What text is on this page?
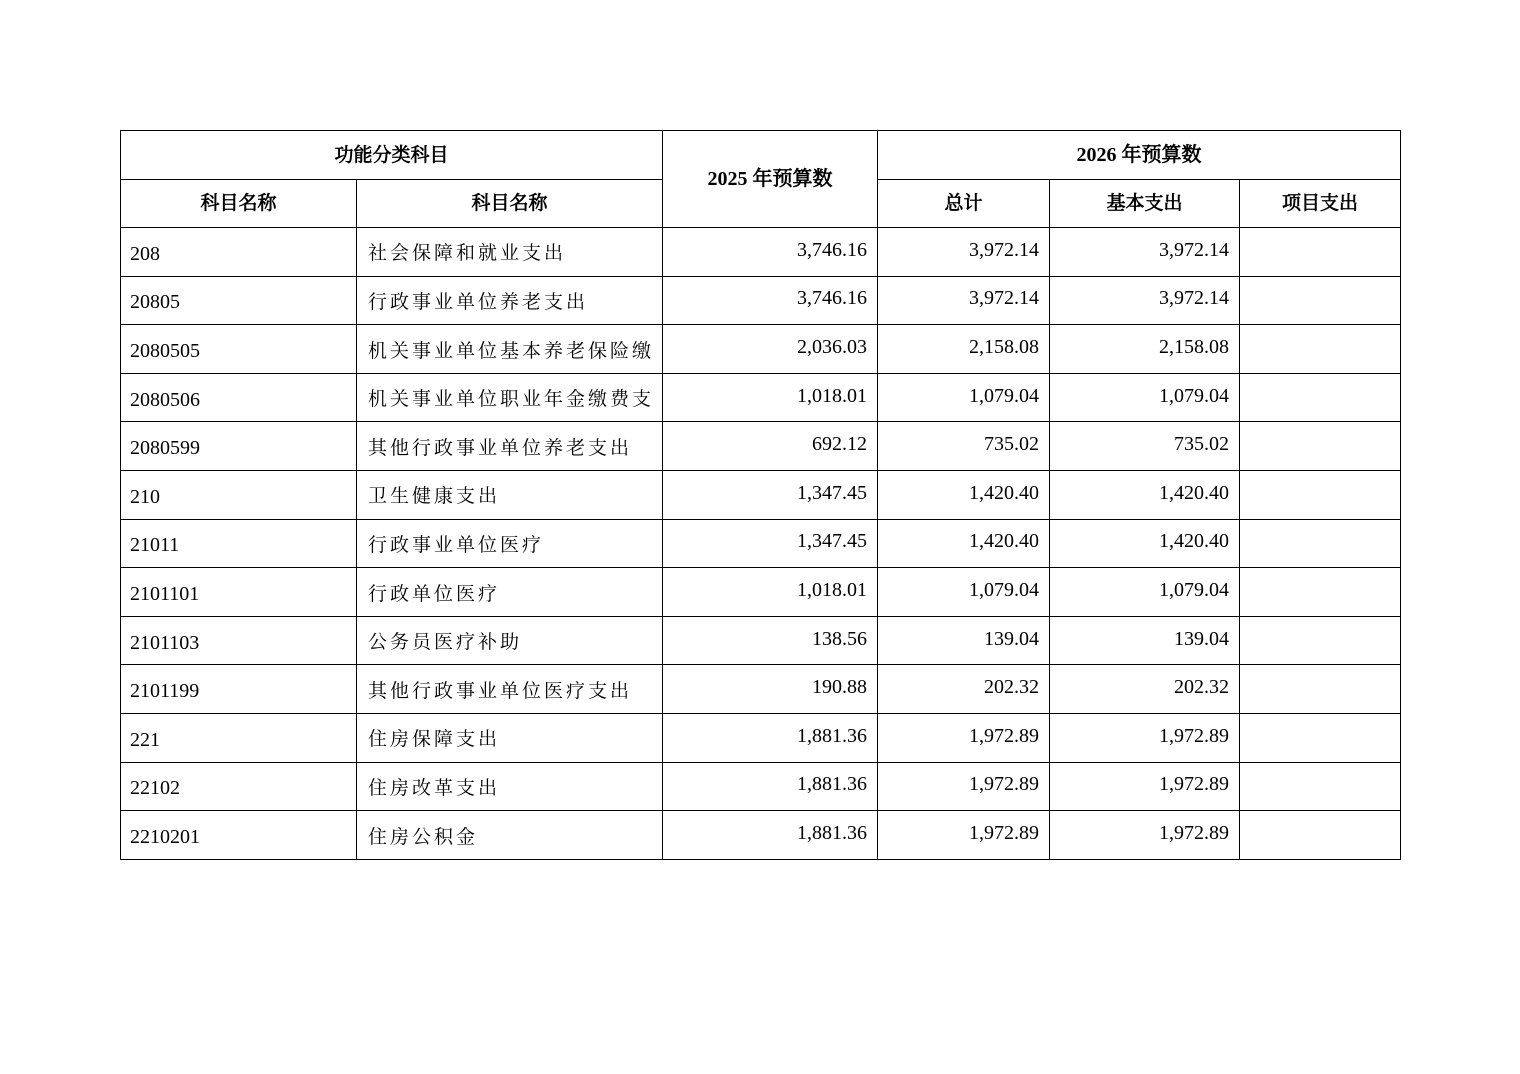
功能分类科目		2025 年预算数	2026 年预算数		
科目名称	科目名称		总计	基本支出	项目支出
208	社会保障和就业支出	3,746.16	3,972.14	3,972.14	
20805	行政事业单位养老支出	3,746.16	3,972.14	3,972.14	
2080505	机关事业单位基本养老保险缴	2,036.03	2,158.08	2,158.08	
2080506	机关事业单位职业年金缴费支	1,018.01	1,079.04	1,079.04	
2080599	其他行政事业单位养老支出	692.12	735.02	735.02	
210	卫生健康支出	1,347.45	1,420.40	1,420.40	
21011	行政事业单位医疗	1,347.45	1,420.40	1,420.40	
2101101	行政单位医疗	1,018.01	1,079.04	1,079.04	
2101103	公务员医疗补助	138.56	139.04	139.04	
2101199	其他行政事业单位医疗支出	190.88	202.32	202.32	
221	住房保障支出	1,881.36	1,972.89	1,972.89	
22102	住房改革支出	1,881.36	1,972.89	1,972.89	
2210201	住房公积金	1,881.36	1,972.89	1,972.89	
